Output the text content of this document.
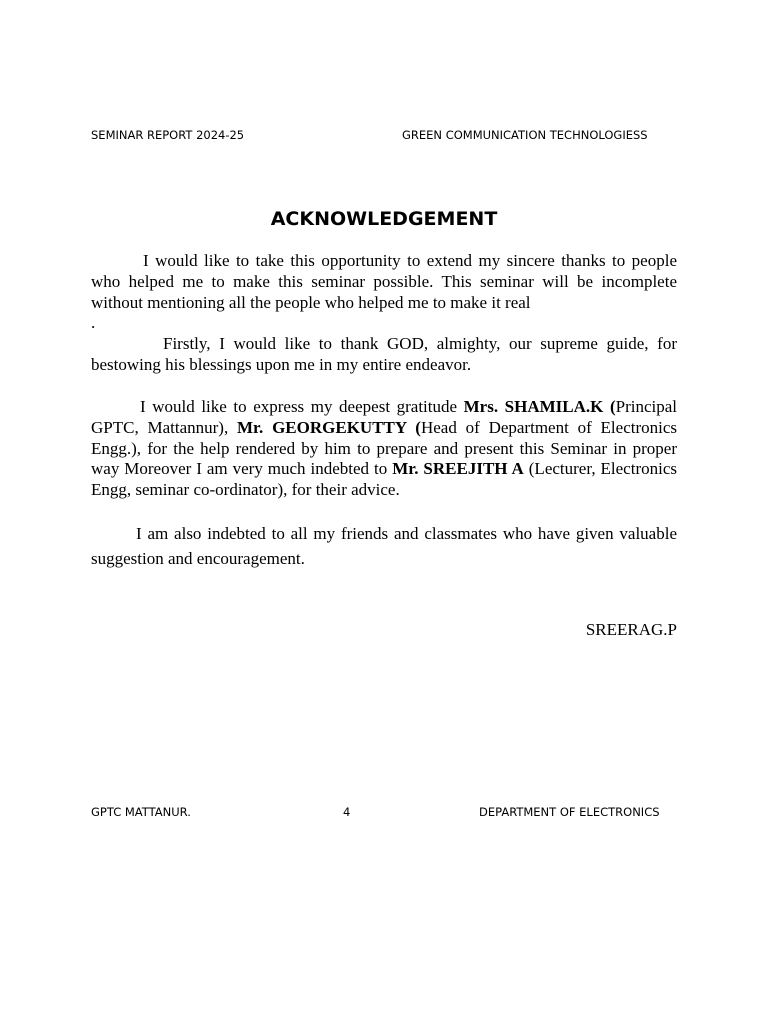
SEMINAR REPORT 2024-25	GREEN COMMUNICATION TECHNOLOGIESS
ACKNOWLEDGEMENT
I would like to take this opportunity to extend my sincere thanks to people who helped me to make this seminar possible. This seminar will be incomplete without mentioning all the people who helped me to make it real
.
Firstly, I would like to thank GOD, almighty, our supreme guide, for bestowing his blessings upon me in my entire endeavor.
I would like to express my deepest gratitude Mrs. SHAMILA.K (Principal GPTC, Mattannur), Mr. GEORGEKUTTY (Head of Department of Electronics Engg.), for the help rendered by him to prepare and present this Seminar in proper way Moreover I am very much indebted to Mr. SREEJITH A (Lecturer, Electronics Engg, seminar co-ordinator), for their advice.
I am also indebted to all my friends and classmates who have given valuable suggestion and encouragement.
SREERAG.P
GPTC MATTANUR.	4	DEPARTMENT OF ELECTRONICS
